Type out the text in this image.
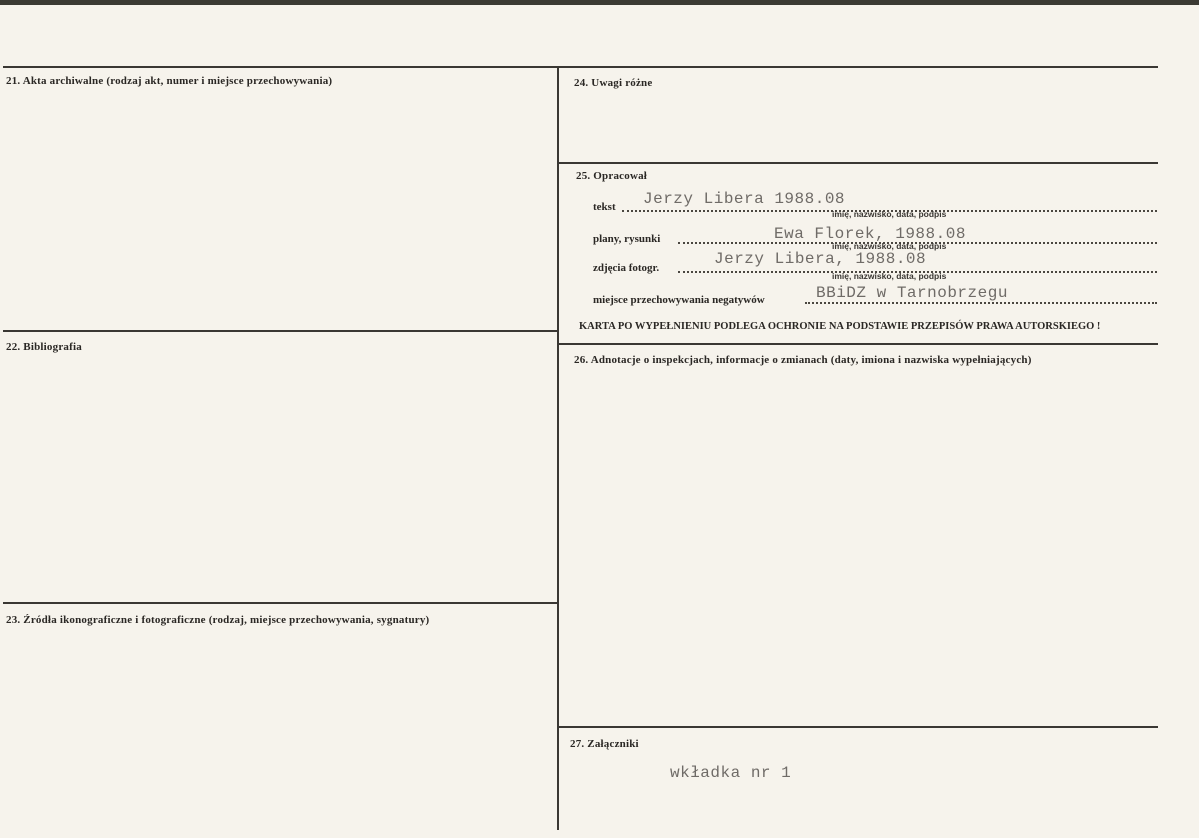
21. Akta archiwalne (rodzaj akt, numer i miejsce przechowywania)
22. Bibliografia
23. Źródła ikonograficzne i fotograficzne (rodzaj, miejsce przechowywania, sygnatury)
24. Uwagi różne
25. Opracował
tekst Jerzy Libera 1988.08
imię, nazwisko, data, podpis
plany, rysunki	Ewa Florek, 1988.08
imię, nazwisko, data, podpis
zdjęcia fotogr.	Jerzy Libera, 1988.08
imię, nazwisko, data, podpis
miejsce przechowywania negatywów	BBiDZ w Tarnobrzegu
KARTA PO WYPEŁNIENIU PODLEGA OCHRONIE NA PODSTAWIE PRZEPISÓW PRAWA AUTORSKIEGO !
26. Adnotacje o inspekcjach, informacje o zmianach (daty, imiona i nazwiska wypełniających)
27. Załączniki
wkładka nr 1
